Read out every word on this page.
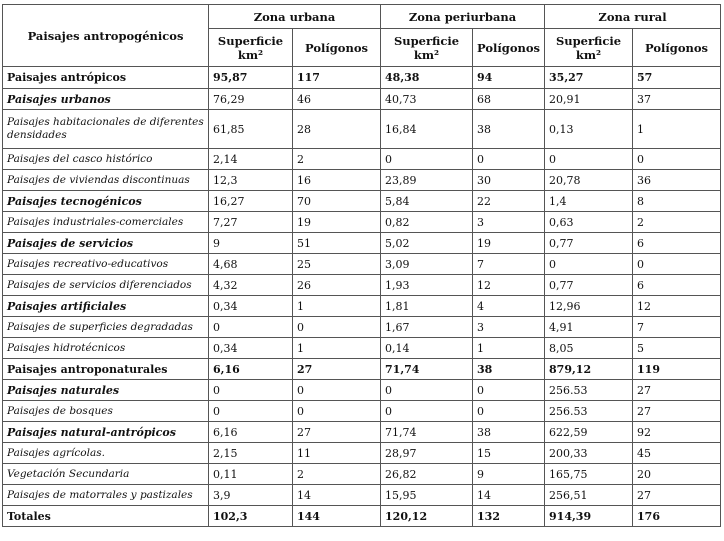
Paisajes antropogénicos	Zona urbana		Zona periurbana		Zona rural	
	Superficie km²	Polígonos	Superficie km²	Polígonos	Superficie km²	Polígonos
Paisajes antrópicos	95,87	117	48,38	94	35,27	57
Paisajes urbanos	76,29	46	40,73	68	20,91	37
Paisajes habitacionales de diferentes densidades	61,85	28	16,84	38	0,13	1
Paisajes del casco histórico	2,14	2	0	0	0	0
Paisajes de viviendas discontinuas	12,3	16	23,89	30	20,78	36
Paisajes tecnogénicos	16,27	70	5,84	22	1,4	8
Paisajes industriales-comerciales	7,27	19	0,82	3	0,63	2
Paisajes de servicios	9	51	5,02	19	0,77	6
Paisajes recreativo-educativos	4,68	25	3,09	7	0	0
Paisajes de servicios diferenciados	4,32	26	1,93	12	0,77	6
Paisajes artificiales	0,34	1	1,81	4	12,96	12
Paisajes de superficies degradadas	0	0	1,67	3	4,91	7
Paisajes hidrotécnicos	0,34	1	0,14	1	8,05	5
Paisajes antroponaturales	6,16	27	71,74	38	879,12	119
Paisajes naturales	0	0	0	0	256.53	27
Paisajes de bosques	0	0	0	0	256.53	27
Paisajes natural-antrópicos	6,16	27	71,74	38	622,59	92
Paisajes agrícolas.	2,15	11	28,97	15	200,33	45
Vegetación Secundaria	0,11	2	26,82	9	165,75	20
Paisajes de matorrales y pastizales	3,9	14	15,95	14	256,51	27
Totales	102,3	144	120,12	132	914,39	176
